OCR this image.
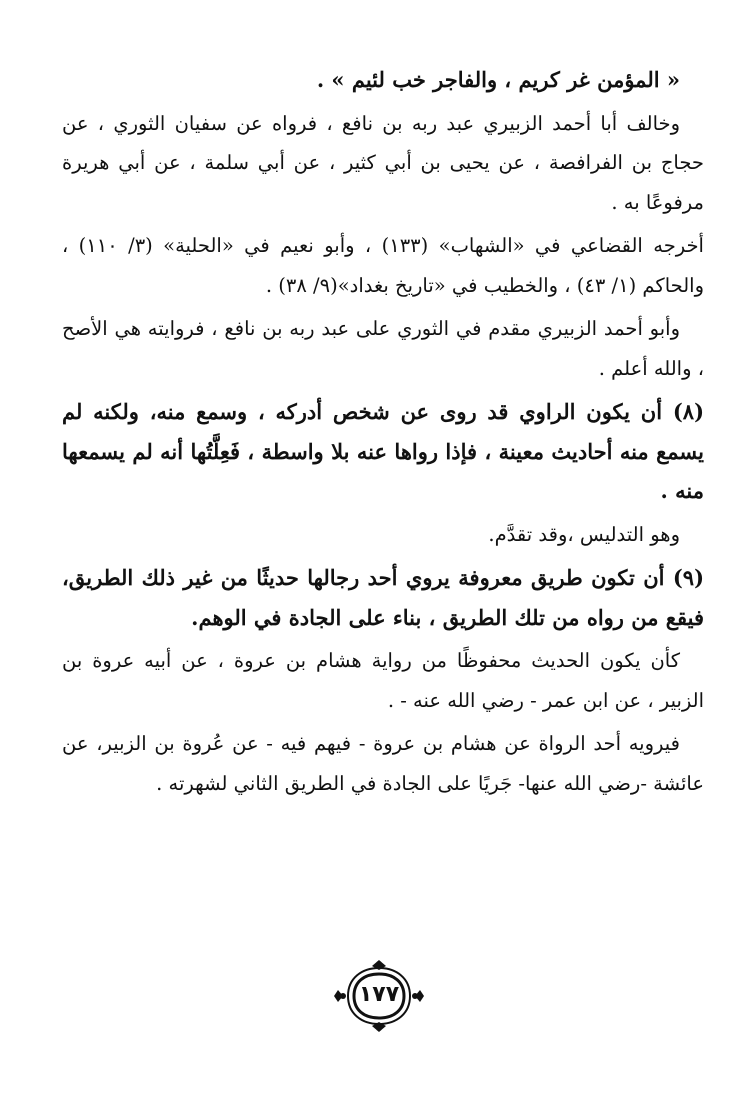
« المؤمن غر كريم ، والفاجر خب لئيم » .

وخالف أبا أحمد الزبيري عبد ربه بن نافع ، فرواه عن سفيان الثوري ، عن حجاج بن الفرافصة ، عن يحيى بن أبي كثير ، عن أبي سلمة ، عن أبي هريرة مرفوعًا به .

أخرجه القضاعي في «الشهاب» (١٣٣) ، وأبو نعيم في «الحلية» (٣/ ١١٠) ، والحاكم (١/ ٤٣) ، والخطيب في «تاريخ بغداد»(٩/ ٣٨) .

وأبو أحمد الزبيري مقدم في الثوري على عبد ربه بن نافع ، فروايته هي الأصح ، والله أعلم .

(٨) أن يكون الراوي قد روى عن شخص أدركه ، وسمع منه، ولكنه لم يسمع منه أحاديث معينة ، فإذا رواها عنه بلا واسطة ، فَعِلَّتُها أنه لم يسمعها منه .

وهو التدليس ،وقد تقدَّم.

(٩) أن تكون طريق معروفة يروي أحد رجالها حديثًا من غير ذلك الطريق، فيقع من رواه من تلك الطريق ، بناء على الجادة في الوهم.

كأن يكون الحديث محفوظًا من رواية هشام بن عروة ، عن أبيه عروة بن الزبير ، عن ابن عمر - رضي الله عنه - .

فيرويه أحد الرواة عن هشام بن عروة - فيهم فيه - عن عُروة بن الزبير، عن عائشة -رضي الله عنها- جَريًا على الجادة في الطريق الثاني لشهرته .

١٧٧
